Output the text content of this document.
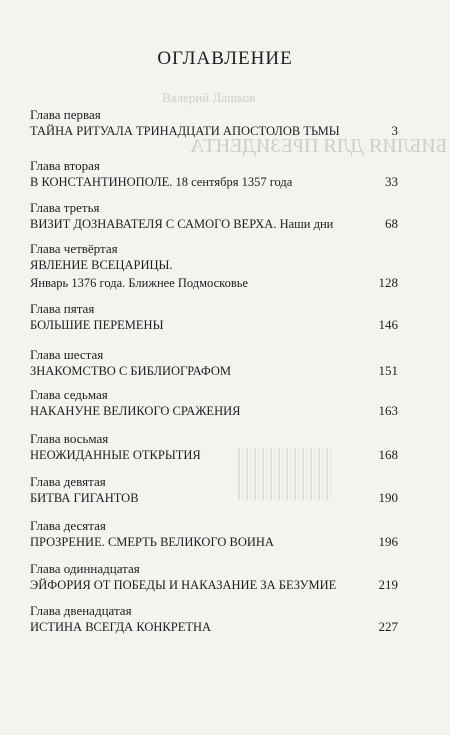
Валерий Лашков
БИБЛИЯ ДЛЯ ПРЕЗИДЕНТА
ОГЛАВЛЕНИЕ
Глава первая
ТАЙНА РИТУАЛА ТРИНАДЦАТИ АПОСТОЛОВ ТЬМЫ	3
Глава вторая
В КОНСТАНТИНОПОЛЕ. 18 сентября 1357 года	33
Глава третья
ВИЗИТ ДОЗНАВАТЕЛЯ С САМОГО ВЕРХА. Наши дни	68
Глава четвёртая
ЯВЛЕНИЕ ВСЕЦАРИЦЫ.
Январь 1376 года. Ближнее Подмосковье	128
Глава пятая
БОЛЬШИЕ ПЕРЕМЕНЫ	146
Глава шестая
ЗНАКОМСТВО С БИБЛИОГРАФОМ	151
Глава седьмая
НАКАНУНЕ ВЕЛИКОГО СРАЖЕНИЯ	163
Глава восьмая
НЕОЖИДАННЫЕ ОТКРЫТИЯ	168
Глава девятая
БИТВА ГИГАНТОВ	190
Глава десятая
ПРОЗРЕНИЕ. СМЕРТЬ ВЕЛИКОГО ВОИНА	196
Глава одиннадцатая
ЭЙФОРИЯ ОТ ПОБЕДЫ И НАКАЗАНИЕ ЗА БЕЗУМИЕ	219
Глава двенадцатая
ИСТИНА ВСЕГДА КОНКРЕТНА	227
